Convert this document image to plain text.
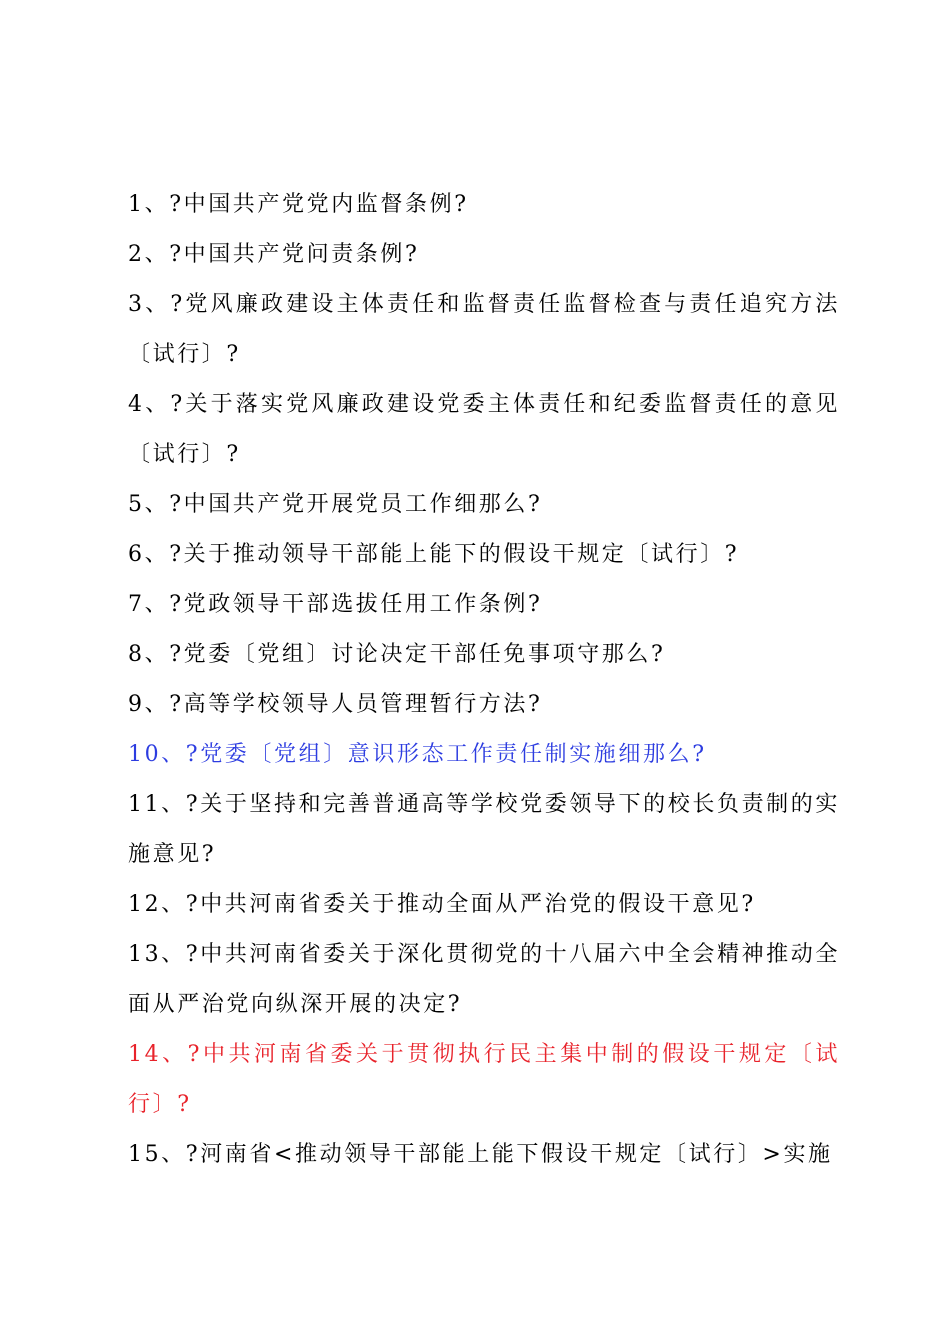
1、?中国共产党党内监督条例?
2、?中国共产党问责条例?
3、?党风廉政建设主体责任和监督责任监督检查与责任追究方法〔试行〕?
4、?关于落实党风廉政建设党委主体责任和纪委监督责任的意见〔试行〕?
5、?中国共产党开展党员工作细那么?
6、?关于推动领导干部能上能下的假设干规定〔试行〕?
7、?党政领导干部选拔任用工作条例?
8、?党委〔党组〕讨论决定干部任免事项守那么?
9、?高等学校领导人员管理暂行方法?
10、?党委〔党组〕意识形态工作责任制实施细那么?
11、?关于坚持和完善普通高等学校党委领导下的校长负责制的实施意见?
12、?中共河南省委关于推动全面从严治党的假设干意见?
13、?中共河南省委关于深化贯彻党的十八届六中全会精神推动全面从严治党向纵深开展的决定?
14、?中共河南省委关于贯彻执行民主集中制的假设干规定〔试行〕?
15、?河南省<推动领导干部能上能下假设干规定〔试行〕>实施
